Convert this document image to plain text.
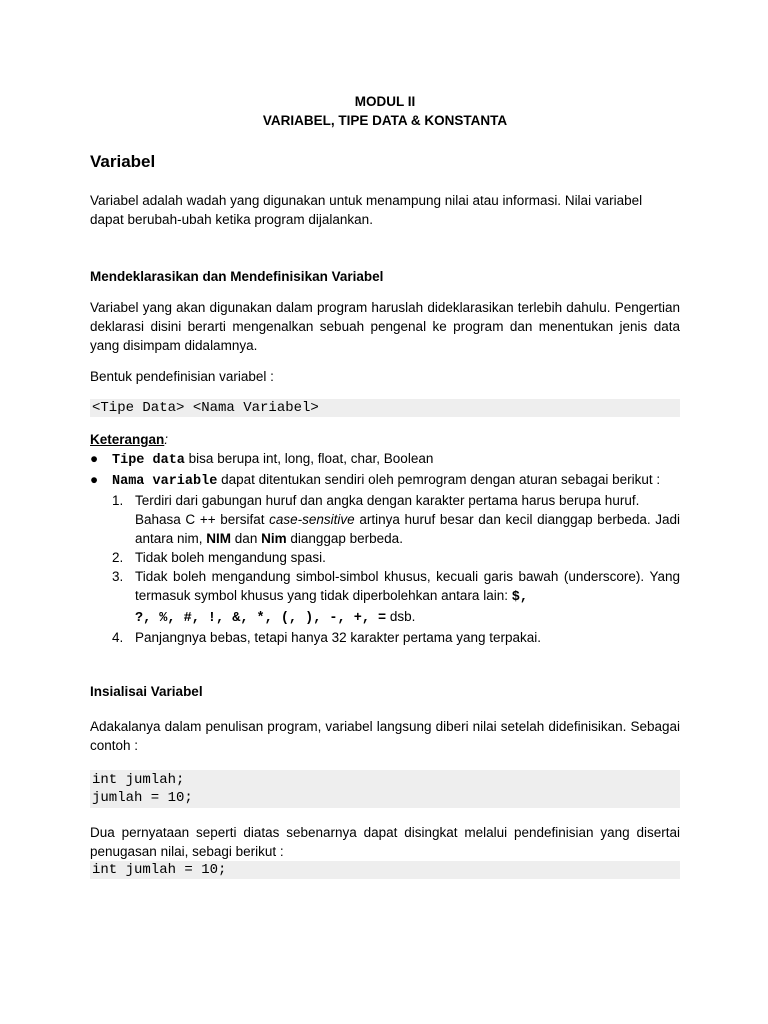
MODUL II

VARIABEL, TIPE DATA & KONSTANTA

Variabel

Variabel adalah wadah yang digunakan untuk menampung nilai atau informasi. Nilai variabel

dapat berubah-ubah ketika program dijalankan.

Mendeklarasikan dan Mendefinisikan Variabel

Variabel yang akan digunakan dalam program haruslah dideklarasikan terlebih dahulu. Pengertian deklarasi disini berarti mengenalkan sebuah pengenal ke program dan menentukan jenis data yang disimpam didalamnya.

Bentuk pendefinisian variabel :

<Tipe Data> <Nama Variabel>

Keterangan:

●	Tipe data bisa berupa int, long, float, char, Boolean
●	Nama variable dapat ditentukan sendiri oleh pemrogram dengan aturan sebagai berikut :
1. Terdiri dari gabungan huruf dan angka dengan karakter pertama harus berupa huruf.
Bahasa C ++ bersifat case-sensitive artinya huruf besar dan kecil dianggap berbeda. Jadi antara nim, NIM dan Nim dianggap berbeda.
2. Tidak boleh mengandung spasi.
3. Tidak boleh mengandung simbol-simbol khusus, kecuali garis bawah (underscore). Yang termasuk symbol khusus yang tidak diperbolehkan antara lain: $,
?, %, #, !, &, *, (, ), -, +, = dsb.
4. Panjangnya bebas, tetapi hanya 32 karakter pertama yang terpakai.

Insialisai Variabel

Adakalanya dalam penulisan program, variabel langsung diberi nilai setelah didefinisikan. Sebagai contoh :

int jumlah;
jumlah = 10;

Dua pernyataan seperti diatas sebenarnya dapat disingkat melalui pendefinisian yang disertai penugasan nilai, sebagi berikut :

int jumlah = 10;
